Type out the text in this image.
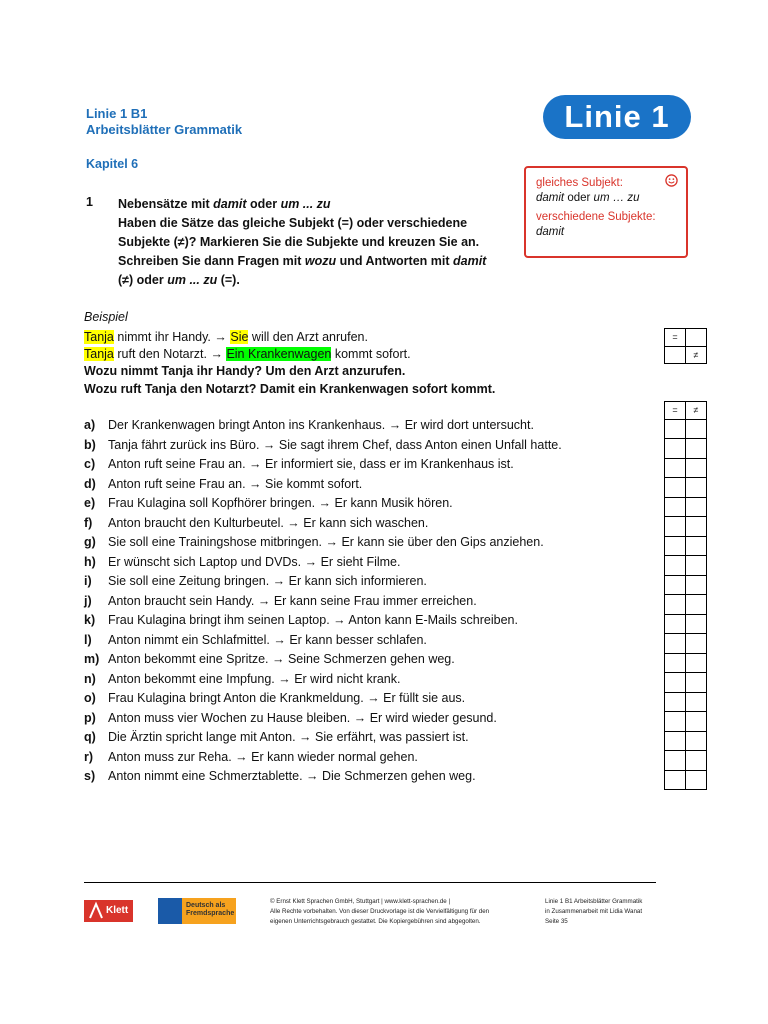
Linie 1 B1
Arbeitsblätter Grammatik	Linie 1
Kapitel 6
gleiches Subjekt:
damit oder um … zu
verschiedene Subjekte:
damit
1 Nebensätze mit damit oder um ... zu
Haben die Sätze das gleiche Subjekt (=) oder verschiedene
Subjekte (≠)? Markieren Sie die Subjekte und kreuzen Sie an.
Schreiben Sie dann Fragen mit wozu und Antworten mit damit
(≠) oder um ... zu (=).
Beispiel
Tanja nimmt ihr Handy. → Sie will den Arzt anrufen.
Tanja ruft den Notarzt. → Ein Krankenwagen kommt sofort.
Wozu nimmt Tanja ihr Handy? Um den Arzt anzurufen.
Wozu ruft Tanja den Notarzt? Damit ein Krankenwagen sofort kommt.
=	
	≠
a) Der Krankenwagen bringt Anton ins Krankenhaus. → Er wird dort untersucht.
b) Tanja fährt zurück ins Büro. → Sie sagt ihrem Chef, dass Anton einen Unfall hatte.
c) Anton ruft seine Frau an. → Er informiert sie, dass er im Krankenhaus ist.
d) Anton ruft seine Frau an. → Sie kommt sofort.
e) Frau Kulagina soll Kopfhörer bringen. → Er kann Musik hören.
f) Anton braucht den Kulturbeutel. → Er kann sich waschen.
g) Sie soll eine Trainingshose mitbringen. → Er kann sie über den Gips anziehen.
h) Er wünscht sich Laptop und DVDs. → Er sieht Filme.
i) Sie soll eine Zeitung bringen. → Er kann sich informieren.
j) Anton braucht sein Handy. → Er kann seine Frau immer erreichen.
k) Frau Kulagina bringt ihm seinen Laptop. → Anton kann E-Mails schreiben.
l) Anton nimmt ein Schlafmittel. → Er kann besser schlafen.
m) Anton bekommt eine Spritze. → Seine Schmerzen gehen weg.
n) Anton bekommt eine Impfung. → Er wird nicht krank.
o) Frau Kulagina bringt Anton die Krankmeldung. → Er füllt sie aus.
p) Anton muss vier Wochen zu Hause bleiben. → Er wird wieder gesund.
q) Die Ärztin spricht lange mit Anton. → Sie erfährt, was passiert ist.
r) Anton muss zur Reha. → Er kann wieder normal gehen.
s) Anton nimmt eine Schmerztablette. → Die Schmerzen gehen weg.
=	≠

Klett	Deutsch als
Fremdsprache
© Ernst Klett Sprachen GmbH, Stuttgart | www.klett-sprachen.de |
Alle Rechte vorbehalten. Von dieser Druckvorlage ist die Vervielfältigung für den
eigenen Unterrichtsgebrauch gestattet. Die Kopiergebühren sind abgegolten.
Linie 1 B1 Arbeitsblätter Grammatik
in Zusammenarbeit mit Lidia Wanat
Seite 35
